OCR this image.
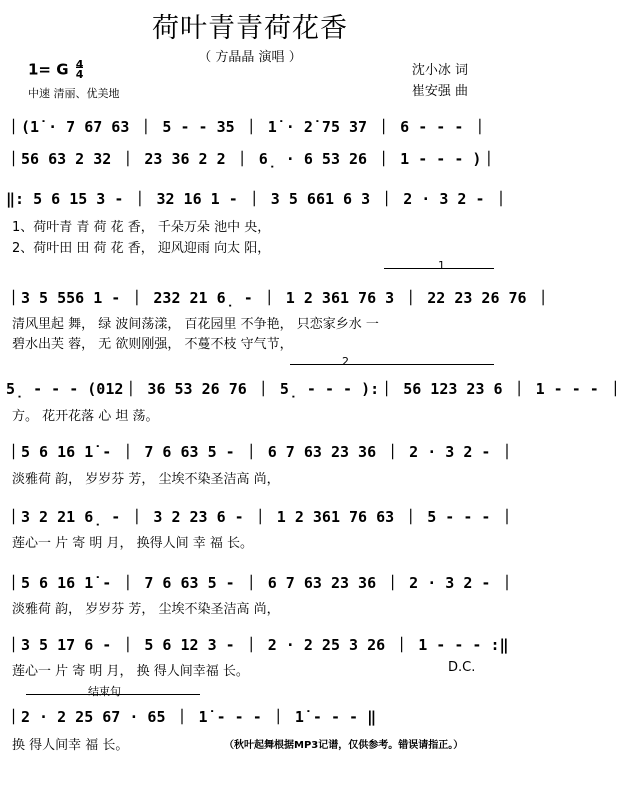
荷叶青青荷花香
（ 方晶晶 演唱 ）
1= G 4
4
中速 清丽、优美地
沈小冰 词
崔安强 曲
｜(1̇ · 7 67 63 ｜ 5 - - 35 ｜ 1̇ · 2̇ 75 37 ｜ 6 - - - ｜
｜56 63 2 32 ｜ 23 36 2 2 ｜ 6̣ · 6 53 26 ｜ 1 - - - )｜
‖: 5 6 15 3 - ｜ 32 16 1 - ｜ 3 5 661 6 3 ｜ 2 · 3 2 - ｜
1、荷叶青 青 荷 花 香， 千朵万朵 池中 央，
2、荷叶田 田 荷 花 香， 迎风迎雨 向太 阳，
1
｜3 5 556 1 - ｜ 232 21 6̣ - ｜ 1 2 361 76 3 ｜ 22 23 26 76 ｜
清风里起 舞， 绿 波间荡漾， 百花园里 不争艳， 只恋家乡水 一
碧水出芙 蓉， 无 欲则刚强， 不蔓不枝 守气节，
2
5̣ - - - (012｜ 36 53 26 76 ｜ 5̣ - - - ):｜ 56 123 23 6 ｜ 1 - - - ｜
方。 花开花落 心 坦 荡。
｜5 6 16 1̇ - ｜ 7 6 63 5 - ｜ 6 7 63 23 36 ｜ 2 · 3 2 - ｜
淡雅荷 韵， 岁岁芬 芳， 尘埃不染圣洁高 尚，
｜3 2 21 6̣ - ｜ 3 2 23 6 - ｜ 1 2 361 76 63 ｜ 5 - - - ｜
莲心一 片 寄 明 月， 换得人间 幸 福 长。
｜5 6 16 1̇ - ｜ 7 6 63 5 - ｜ 6 7 63 23 36 ｜ 2 · 3 2 - ｜
淡雅荷 韵， 岁岁芬 芳， 尘埃不染圣洁高 尚，
｜3 5 17 6 - ｜ 5 6 12 3 - ｜ 2 · 2 25 3 26 ｜ 1 - - - :‖
莲心一 片 寄 明 月， 换 得人间幸福 长。	D.C.
结束句
｜2 · 2 25 67 · 65 ｜ 1̇ - - - ｜ 1̇ - - - ‖
换 得人间幸 福 长。	（秋叶起舞根据MP3记谱，仅供参考。错误请指正。）
